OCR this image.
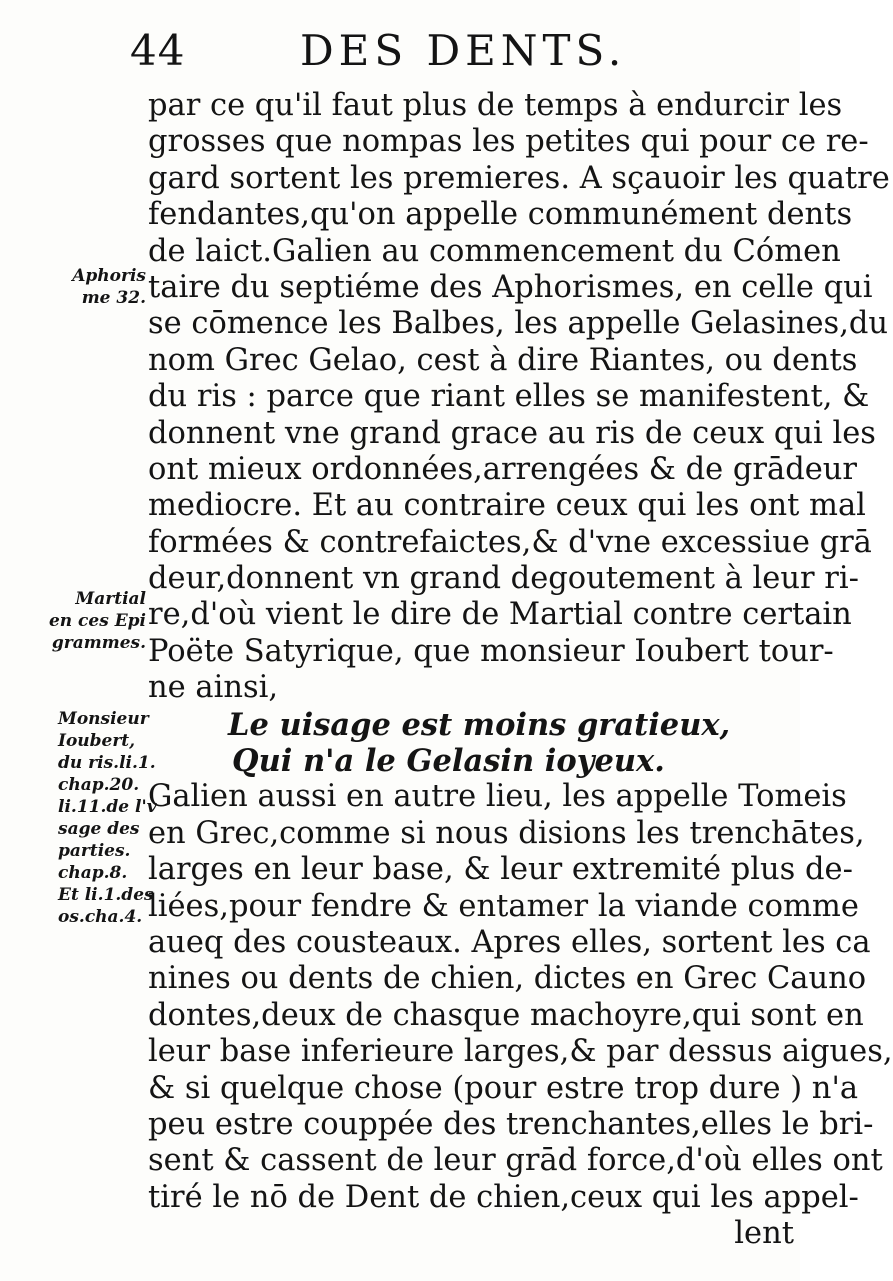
44	DES DENTS.
par ce qu'il faut plus de temps à endurcir les
grosses que nompas les petites qui pour ce re-
gard sortent les premieres. A sçauoir les quatre
fendantes,qu'on appelle communément dents
de laict.Galien au commencement du Cómen
taire du septiéme des Aphorismes, en celle qui
se cōmence les Balbes, les appelle Gelasines,du
nom Grec Gelao, cest à dire Riantes, ou dents
du ris : parce que riant elles se manifestent, &
donnent vne grand grace au ris de ceux qui les
ont mieux ordonnées,arrengées & de grādeur
mediocre. Et au contraire ceux qui les ont mal
formées & contrefaictes,& d'vne excessiue grā
deur,donnent vn grand degoutement à leur ri-
re,d'où vient le dire de Martial contre certain
Poëte Satyrique, que monsieur Ioubert tour-
ne ainsi,
Le uisage est moins gratieux,
Qui n'a le Gelasin ioyeux.
Galien aussi en autre lieu, les appelle Tomeis
en Grec,comme si nous disions les trenchātes,
larges en leur base, & leur extremité plus de-
liées,pour fendre & entamer la viande comme
aueq des cousteaux. Apres elles, sortent les ca
nines ou dents de chien, dictes en Grec Cauno
dontes,deux de chasque machoyre,qui sont en
leur base inferieure larges,& par dessus aigues,
& si quelque chose (pour estre trop dure ) n'a
peu estre couppée des trenchantes,elles le bri-
sent & cassent de leur grād force,d'où elles ont
tiré le nō de Dent de chien,ceux qui les appel-
lent
Aphoris
me 32.
Martial
en ces Epi
grammes.
Monsieur
Ioubert,
du ris.li.1.
chap.20.
li.11.de l'v
sage des
parties.
chap.8.
Et li.1.des
os.cha.4.
